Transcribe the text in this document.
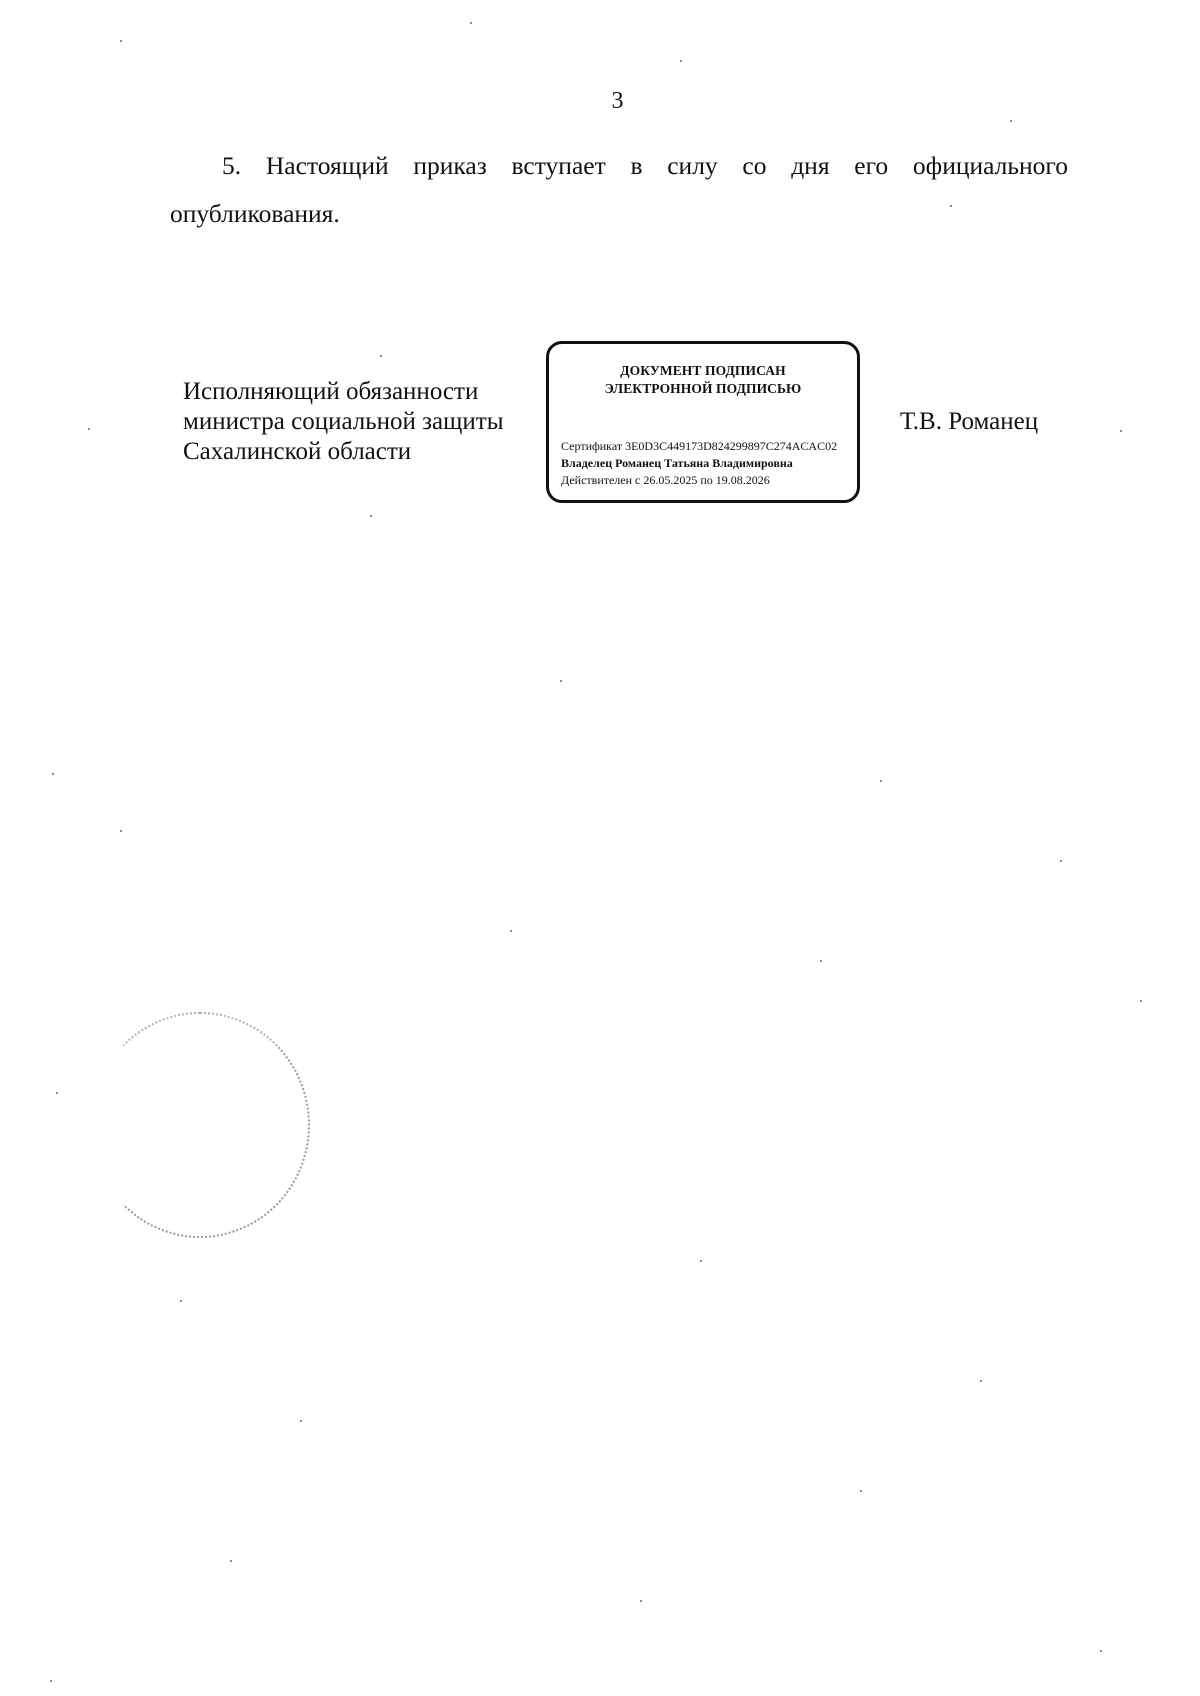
3

5. Настоящий приказ вступает в силу со дня его официального опубликования.

Исполняющий обязанности
министра социальной защиты
Сахалинской области
ДОКУМЕНТ ПОДПИСАН
ЭЛЕКТРОННОЙ ПОДПИСЬЮ
Сертификат 3E0D3C449173D824299897C274ACAC02
Владелец Романец Татьяна Владимировна
Действителен с 26.05.2025 по 19.08.2026
Т.В. Романец
